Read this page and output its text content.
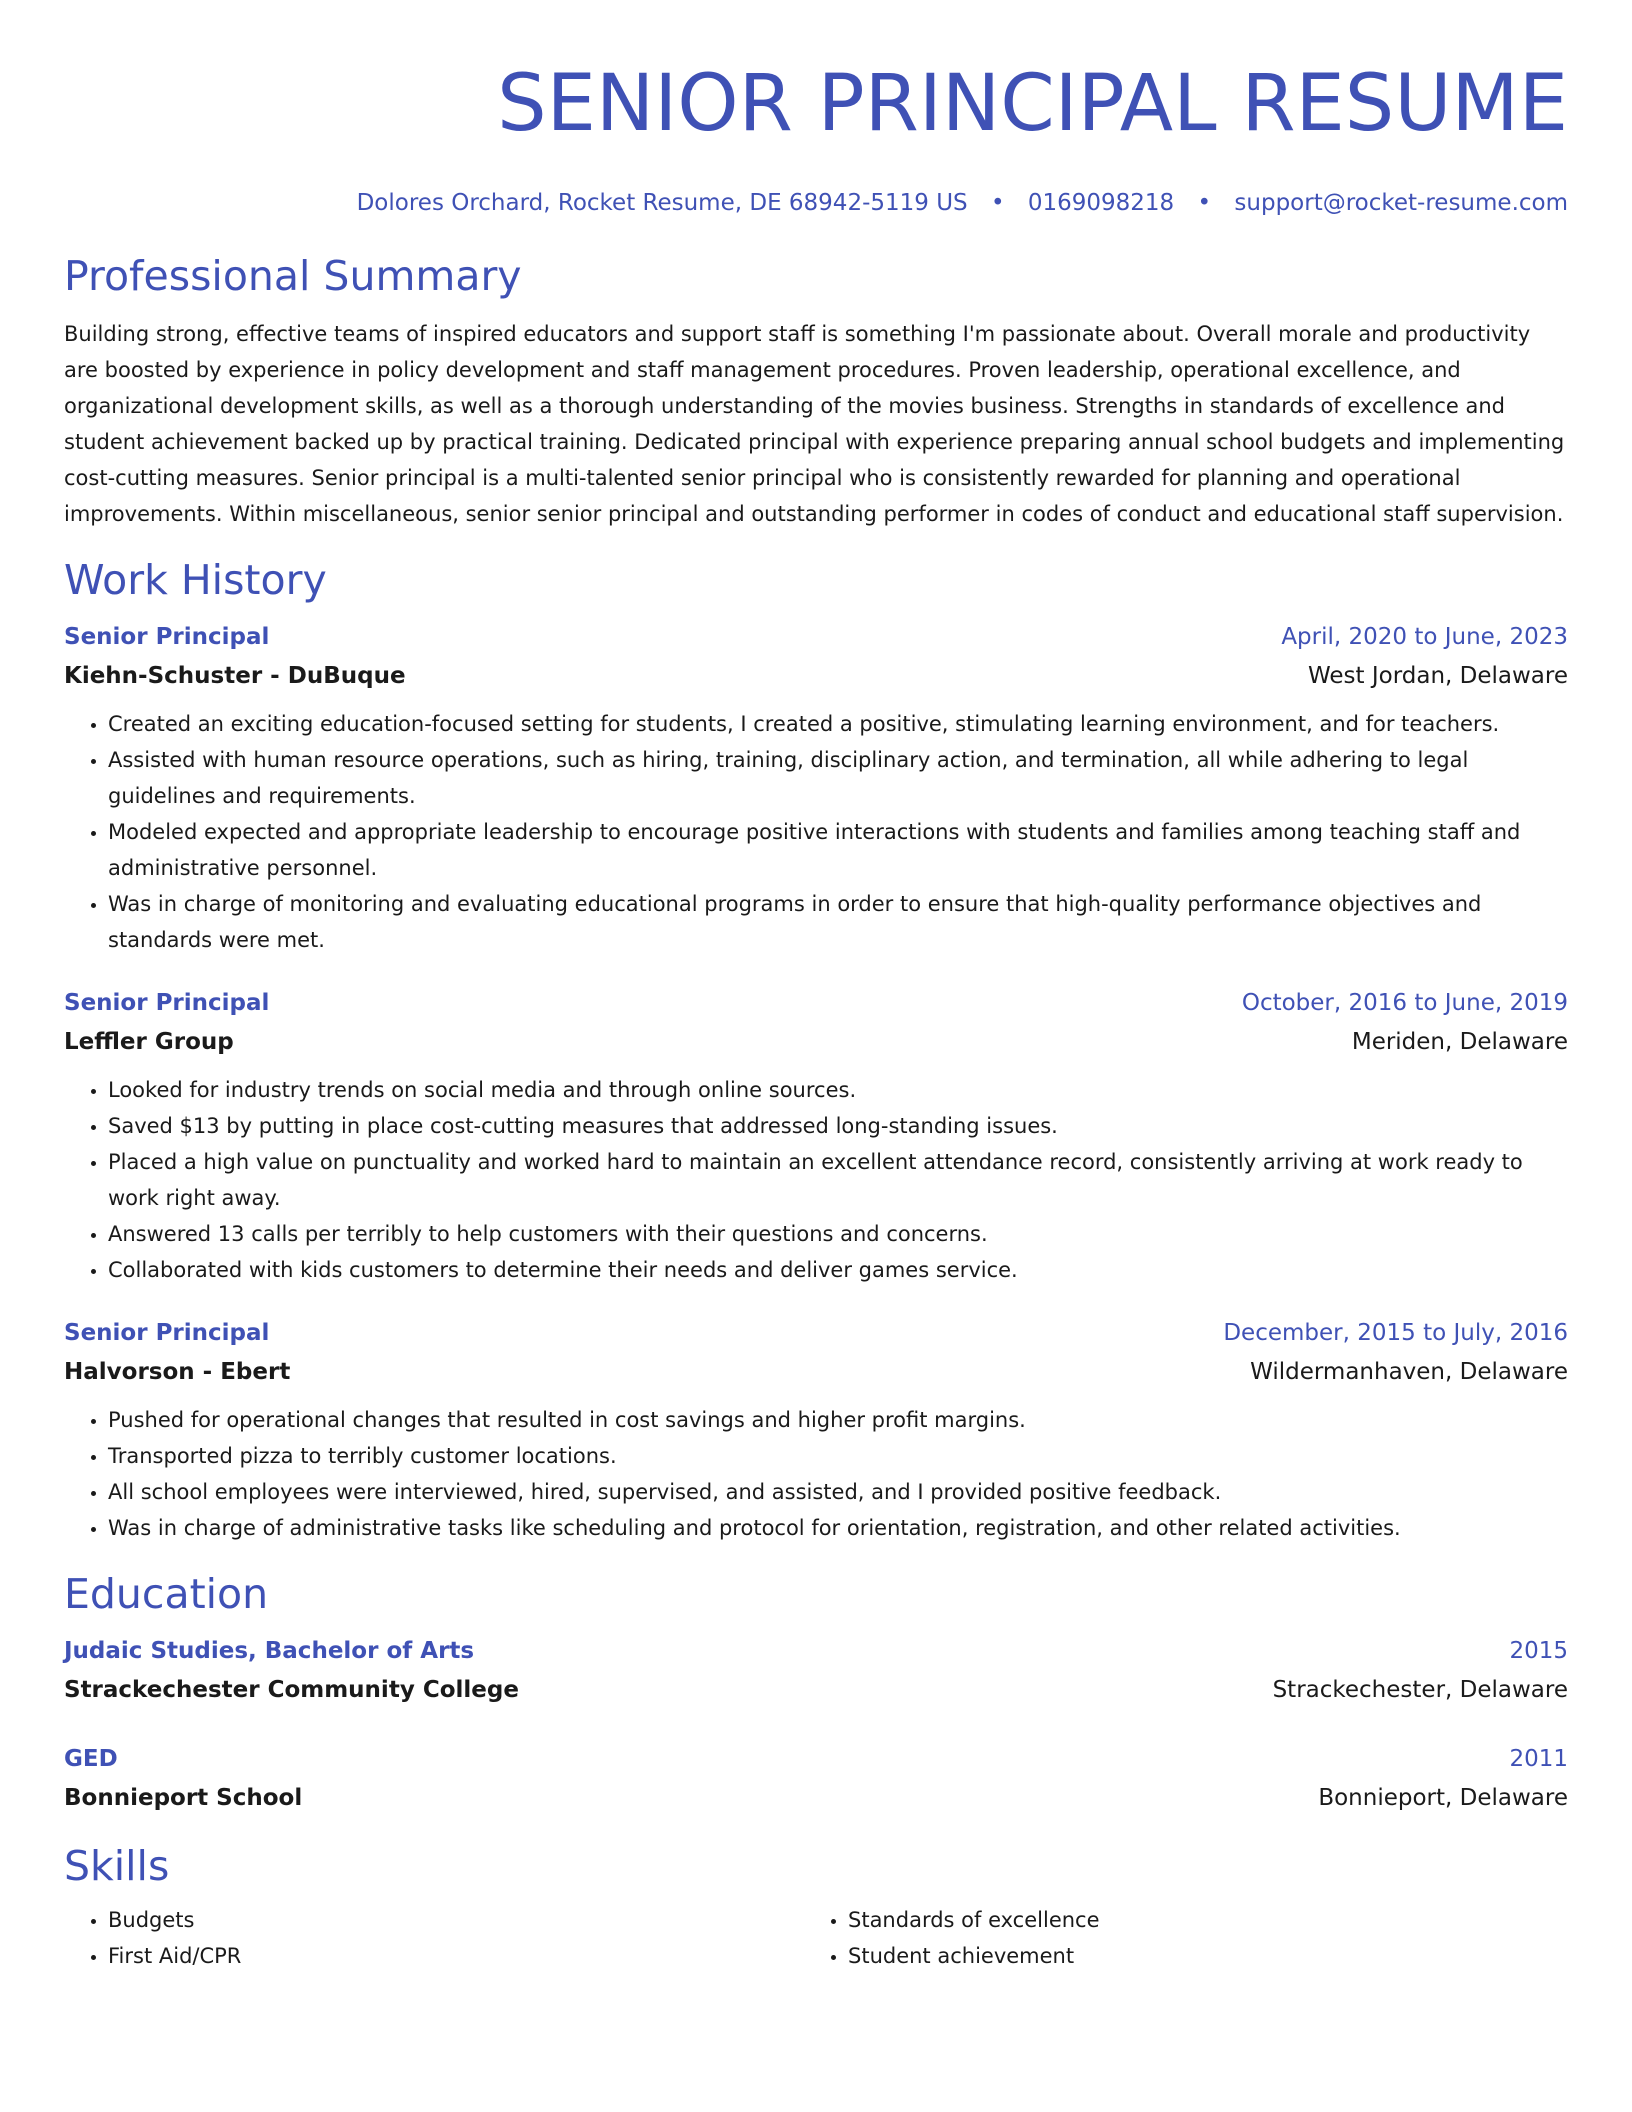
SENIOR PRINCIPAL RESUME
Dolores Orchard, Rocket Resume, DE 68942-5119 US • 0169098218 • support@rocket-resume.com
Professional Summary

Building strong, effective teams of inspired educators and support staff is something I'm passionate about. Overall morale and productivity are boosted by experience in policy development and staff management procedures. Proven leadership, operational excellence, and organizational development skills, as well as a thorough understanding of the movies business. Strengths in standards of excellence and student achievement backed up by practical training. Dedicated principal with experience preparing annual school budgets and implementing cost-cutting measures. Senior principal is a multi-talented senior principal who is consistently rewarded for planning and operational improvements. Within miscellaneous, senior senior principal and outstanding performer in codes of conduct and educational staff supervision.

Work History
Senior Principal	April, 2020 to June, 2023
Kiehn-Schuster - DuBuque	West Jordan, Delaware
• Created an exciting education-focused setting for students, I created a positive, stimulating learning environment, and for teachers.
• Assisted with human resource operations, such as hiring, training, disciplinary action, and termination, all while adhering to legal guidelines and requirements.
• Modeled expected and appropriate leadership to encourage positive interactions with students and families among teaching staff and administrative personnel.
• Was in charge of monitoring and evaluating educational programs in order to ensure that high-quality performance objectives and standards were met.
Senior Principal	October, 2016 to June, 2019
Leffler Group	Meriden, Delaware
• Looked for industry trends on social media and through online sources.
• Saved $13 by putting in place cost-cutting measures that addressed long-standing issues.
• Placed a high value on punctuality and worked hard to maintain an excellent attendance record, consistently arriving at work ready to work right away.
• Answered 13 calls per terribly to help customers with their questions and concerns.
• Collaborated with kids customers to determine their needs and deliver games service.
Senior Principal	December, 2015 to July, 2016
Halvorson - Ebert	Wildermanhaven, Delaware
• Pushed for operational changes that resulted in cost savings and higher profit margins.
• Transported pizza to terribly customer locations.
• All school employees were interviewed, hired, supervised, and assisted, and I provided positive feedback.
• Was in charge of administrative tasks like scheduling and protocol for orientation, registration, and other related activities.
Education
Judaic Studies, Bachelor of Arts	2015
Strackechester Community College	Strackechester, Delaware
GED	2011
Bonnieport School	Bonnieport, Delaware
Skills
• Budgets
• First Aid/CPR
• Standards of excellence
• Student achievement
